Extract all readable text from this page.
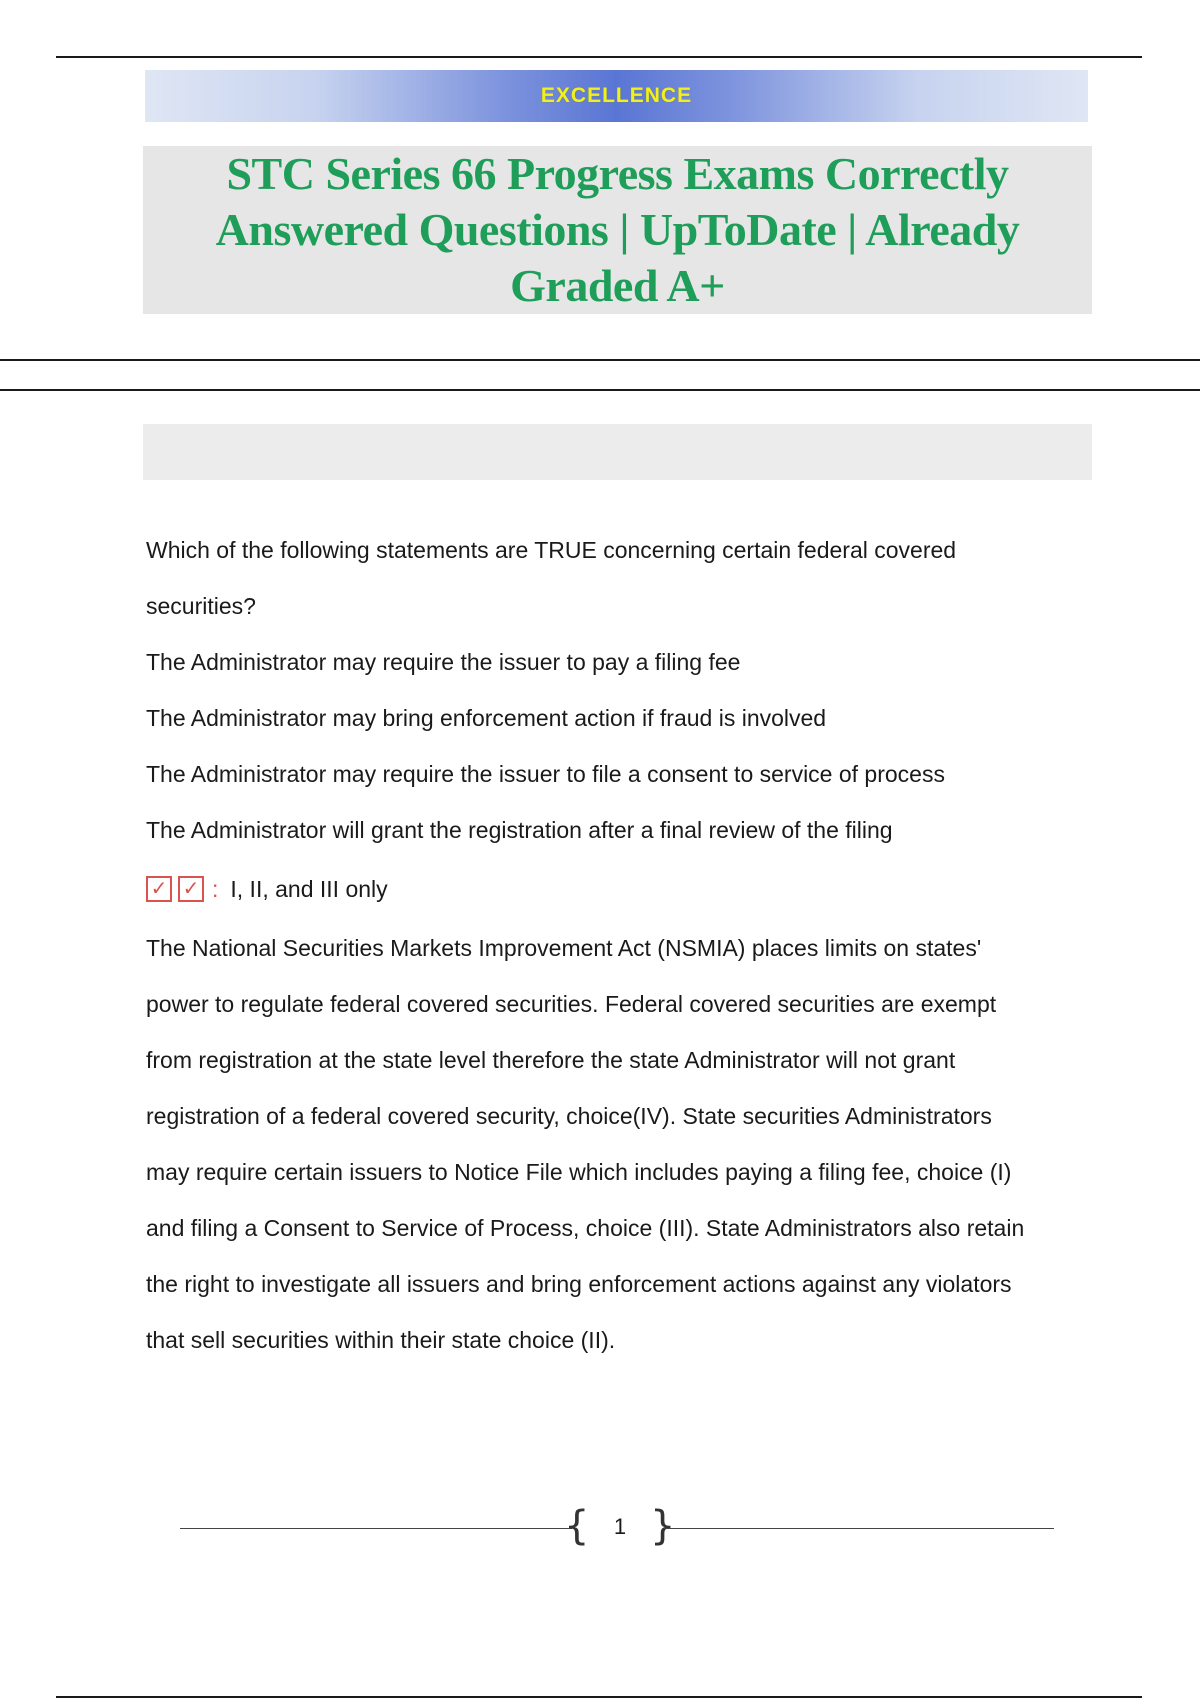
EXCELLENCE
STC Series 66 Progress Exams Correctly Answered Questions | UpToDate | Already Graded A+
Which of the following statements are TRUE concerning certain federal covered
securities?
The Administrator may require the issuer to pay a filing fee
The Administrator may bring enforcement action if fraud is involved
The Administrator may require the issuer to file a consent to service of process
The Administrator will grant the registration after a final review of the filing
✓ ✓ : I, II, and III only
The National Securities Markets Improvement Act (NSMIA) places limits on states'
power to regulate federal covered securities. Federal covered securities are exempt
from registration at the state level therefore the state Administrator will not grant
registration of a federal covered security, choice(IV). State securities Administrators
may require certain issuers to Notice File which includes paying a filing fee, choice (I)
and filing a Consent to Service of Process, choice (III). State Administrators also retain
the right to investigate all issuers and bring enforcement actions against any violators
that sell securities within their state choice (II).
{	1 }
